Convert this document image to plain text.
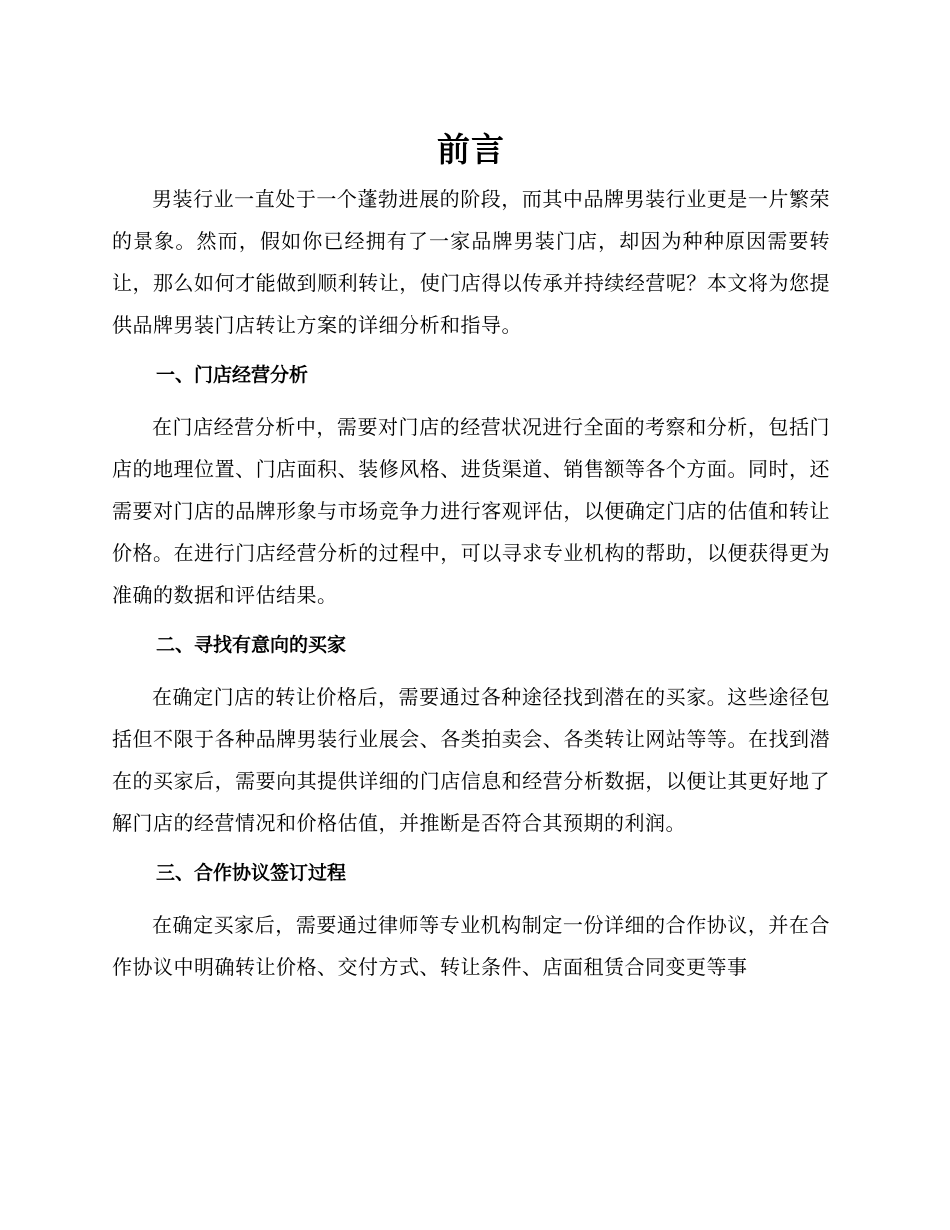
前言

男装行业一直处于一个蓬勃进展的阶段，而其中品牌男装行业更是一片繁荣的景象。然而，假如你已经拥有了一家品牌男装门店，却因为种种原因需要转让，那么如何才能做到顺利转让，使门店得以传承并持续经营呢？本文将为您提供品牌男装门店转让方案的详细分析和指导。

一、门店经营分析

在门店经营分析中，需要对门店的经营状况进行全面的考察和分析，包括门店的地理位置、门店面积、装修风格、进货渠道、销售额等各个方面。同时，还需要对门店的品牌形象与市场竞争力进行客观评估，以便确定门店的估值和转让价格。在进行门店经营分析的过程中，可以寻求专业机构的帮助，以便获得更为准确的数据和评估结果。

二、寻找有意向的买家

在确定门店的转让价格后，需要通过各种途径找到潜在的买家。这些途径包括但不限于各种品牌男装行业展会、各类拍卖会、各类转让网站等等。在找到潜在的买家后，需要向其提供详细的门店信息和经营分析数据，以便让其更好地了解门店的经营情况和价格估值，并推断是否符合其预期的利润。

三、合作协议签订过程

在确定买家后，需要通过律师等专业机构制定一份详细的合作协议，并在合作协议中明确转让价格、交付方式、转让条件、店面租赁合同变更等事
